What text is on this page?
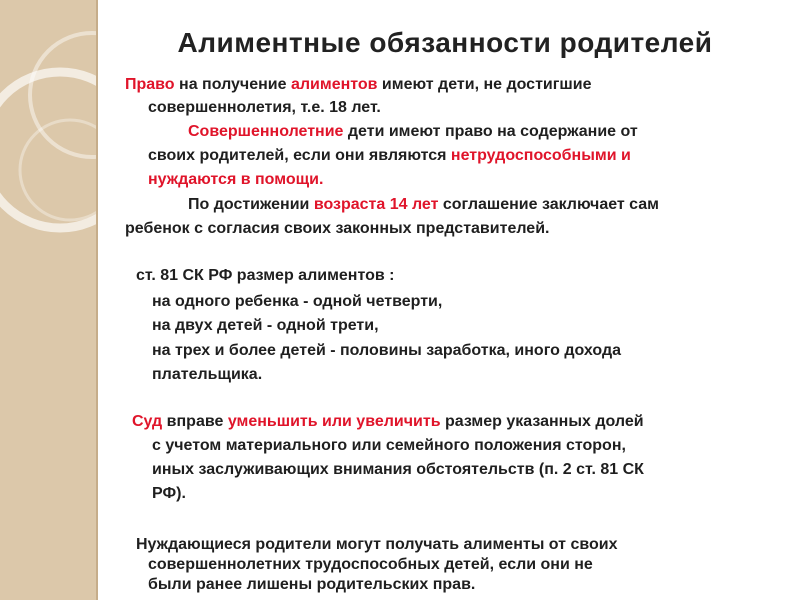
Алиментные обязанности родителей
Право на получение алиментов имеют дети, не достигшие
совершеннолетия, т.е. 18 лет.
Совершеннолетние дети имеют право на содержание от
своих родителей, если они являются нетрудоспособными и
нуждаются в помощи.
По достижении возраста 14 лет соглашение заключает сам
ребенок с согласия своих законных представителей.
ст. 81 СК РФ размер алиментов :
на одного ребенка - одной четверти,
на двух детей - одной трети,
на трех и более детей - половины заработка, иного дохода
плательщика.
Суд вправе уменьшить или увеличить размер указанных долей
с учетом материального или семейного положения сторон,
иных заслуживающих внимания обстоятельств (п. 2 ст. 81 СК
РФ).
Нуждающиеся родители могут получать алименты от своих
совершеннолетних трудоспособных детей, если они не
были ранее лишены родительских прав.
